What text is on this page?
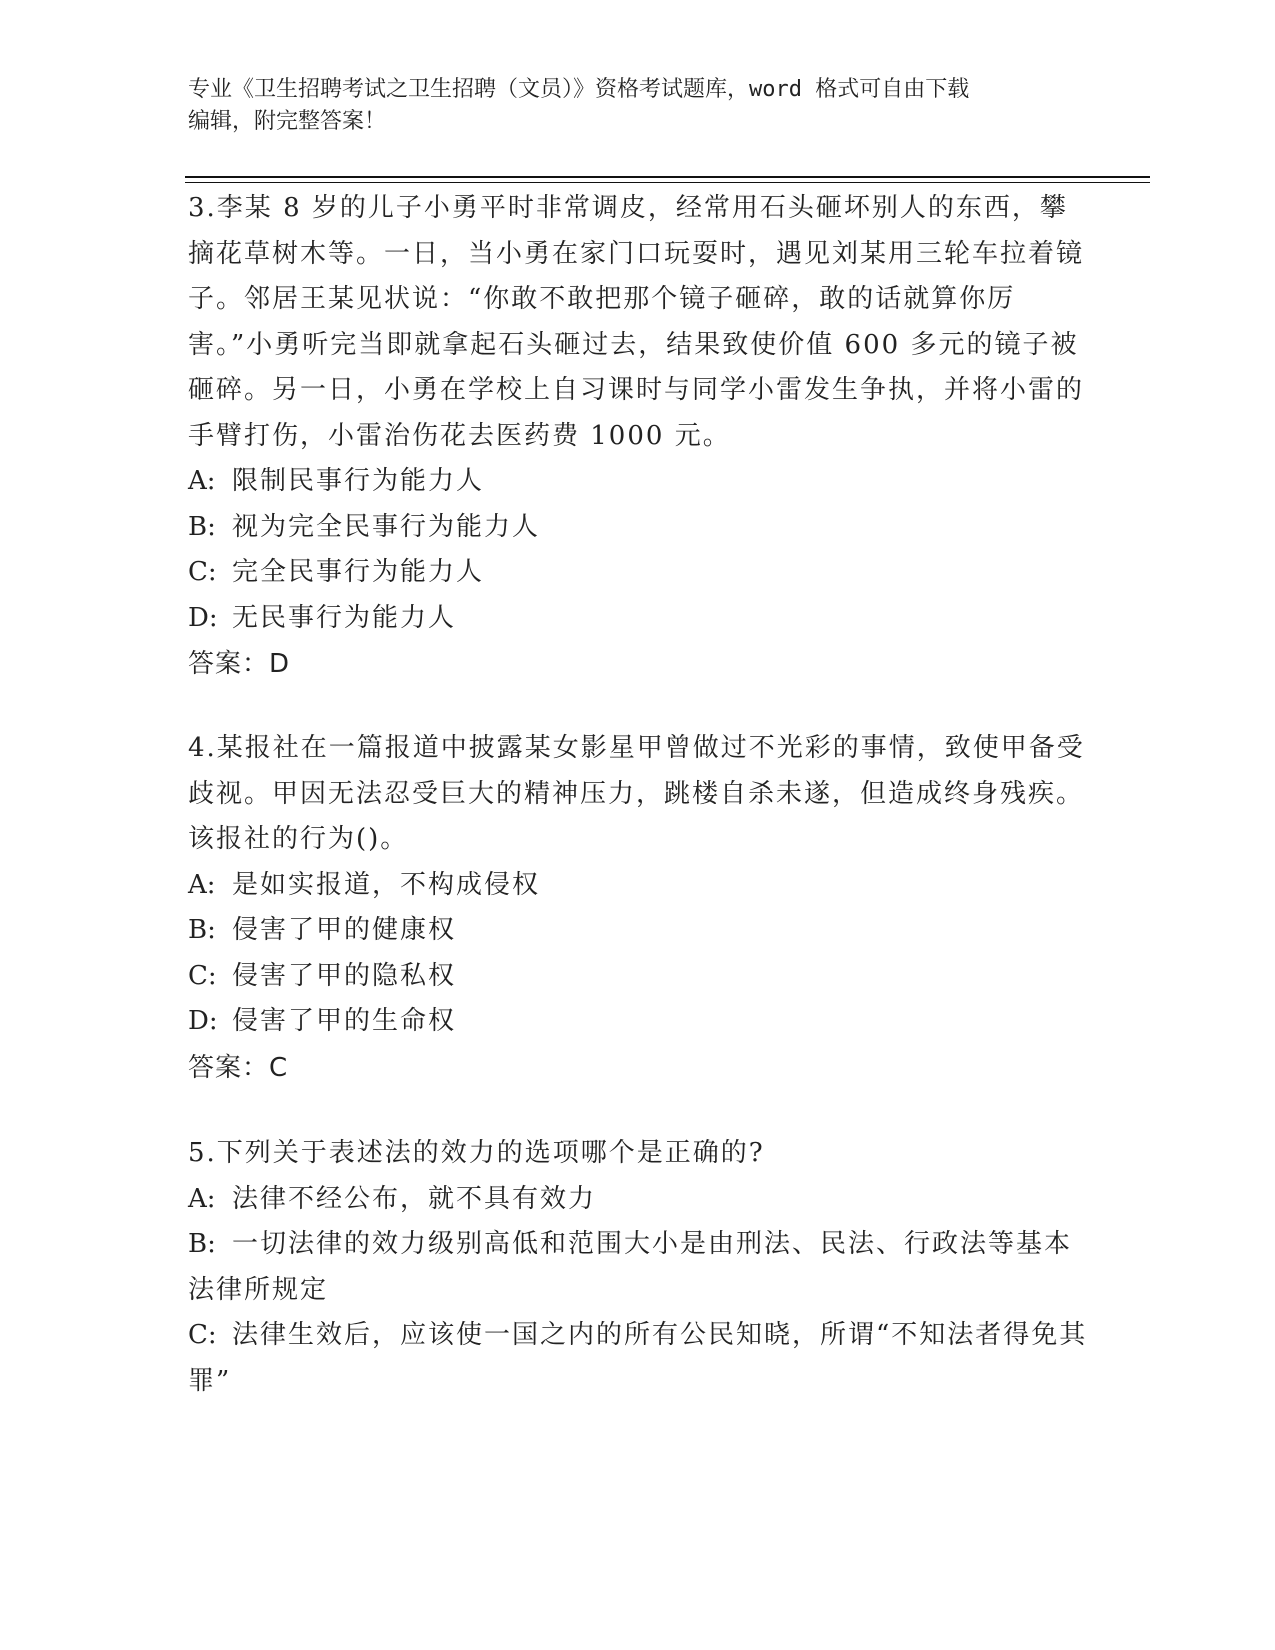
专业《卫生招聘考试之卫生招聘（文员）》资格考试题库，word 格式可自由下载
编辑，附完整答案！

3.李某 8 岁的儿子小勇平时非常调皮，经常用石头砸坏别人的东西，攀摘花草树木等。一日，当小勇在家门口玩耍时，遇见刘某用三轮车拉着镜子。邻居王某见状说：“你敢不敢把那个镜子砸碎，敢的话就算你厉害。”小勇听完当即就拿起石头砸过去，结果致使价值 600 多元的镜子被砸碎。另一日，小勇在学校上自习课时与同学小雷发生争执，并将小雷的手臂打伤，小雷治伤花去医药费 1000 元。

A: 限制民事行为能力人

B: 视为完全民事行为能力人

C: 完全民事行为能力人

D: 无民事行为能力人

答案：D

4.某报社在一篇报道中披露某女影星甲曾做过不光彩的事情，致使甲备受歧视。甲因无法忍受巨大的精神压力，跳楼自杀未遂，但造成终身残疾。该报社的行为()。

A: 是如实报道，不构成侵权

B: 侵害了甲的健康权

C: 侵害了甲的隐私权

D: 侵害了甲的生命权

答案：C

5.下列关于表述法的效力的选项哪个是正确的?

A: 法律不经公布，就不具有效力

B: 一切法律的效力级别高低和范围大小是由刑法、民法、行政法等基本法律所规定

C: 法律生效后，应该使一国之内的所有公民知晓，所谓“不知法者得免其罪”
